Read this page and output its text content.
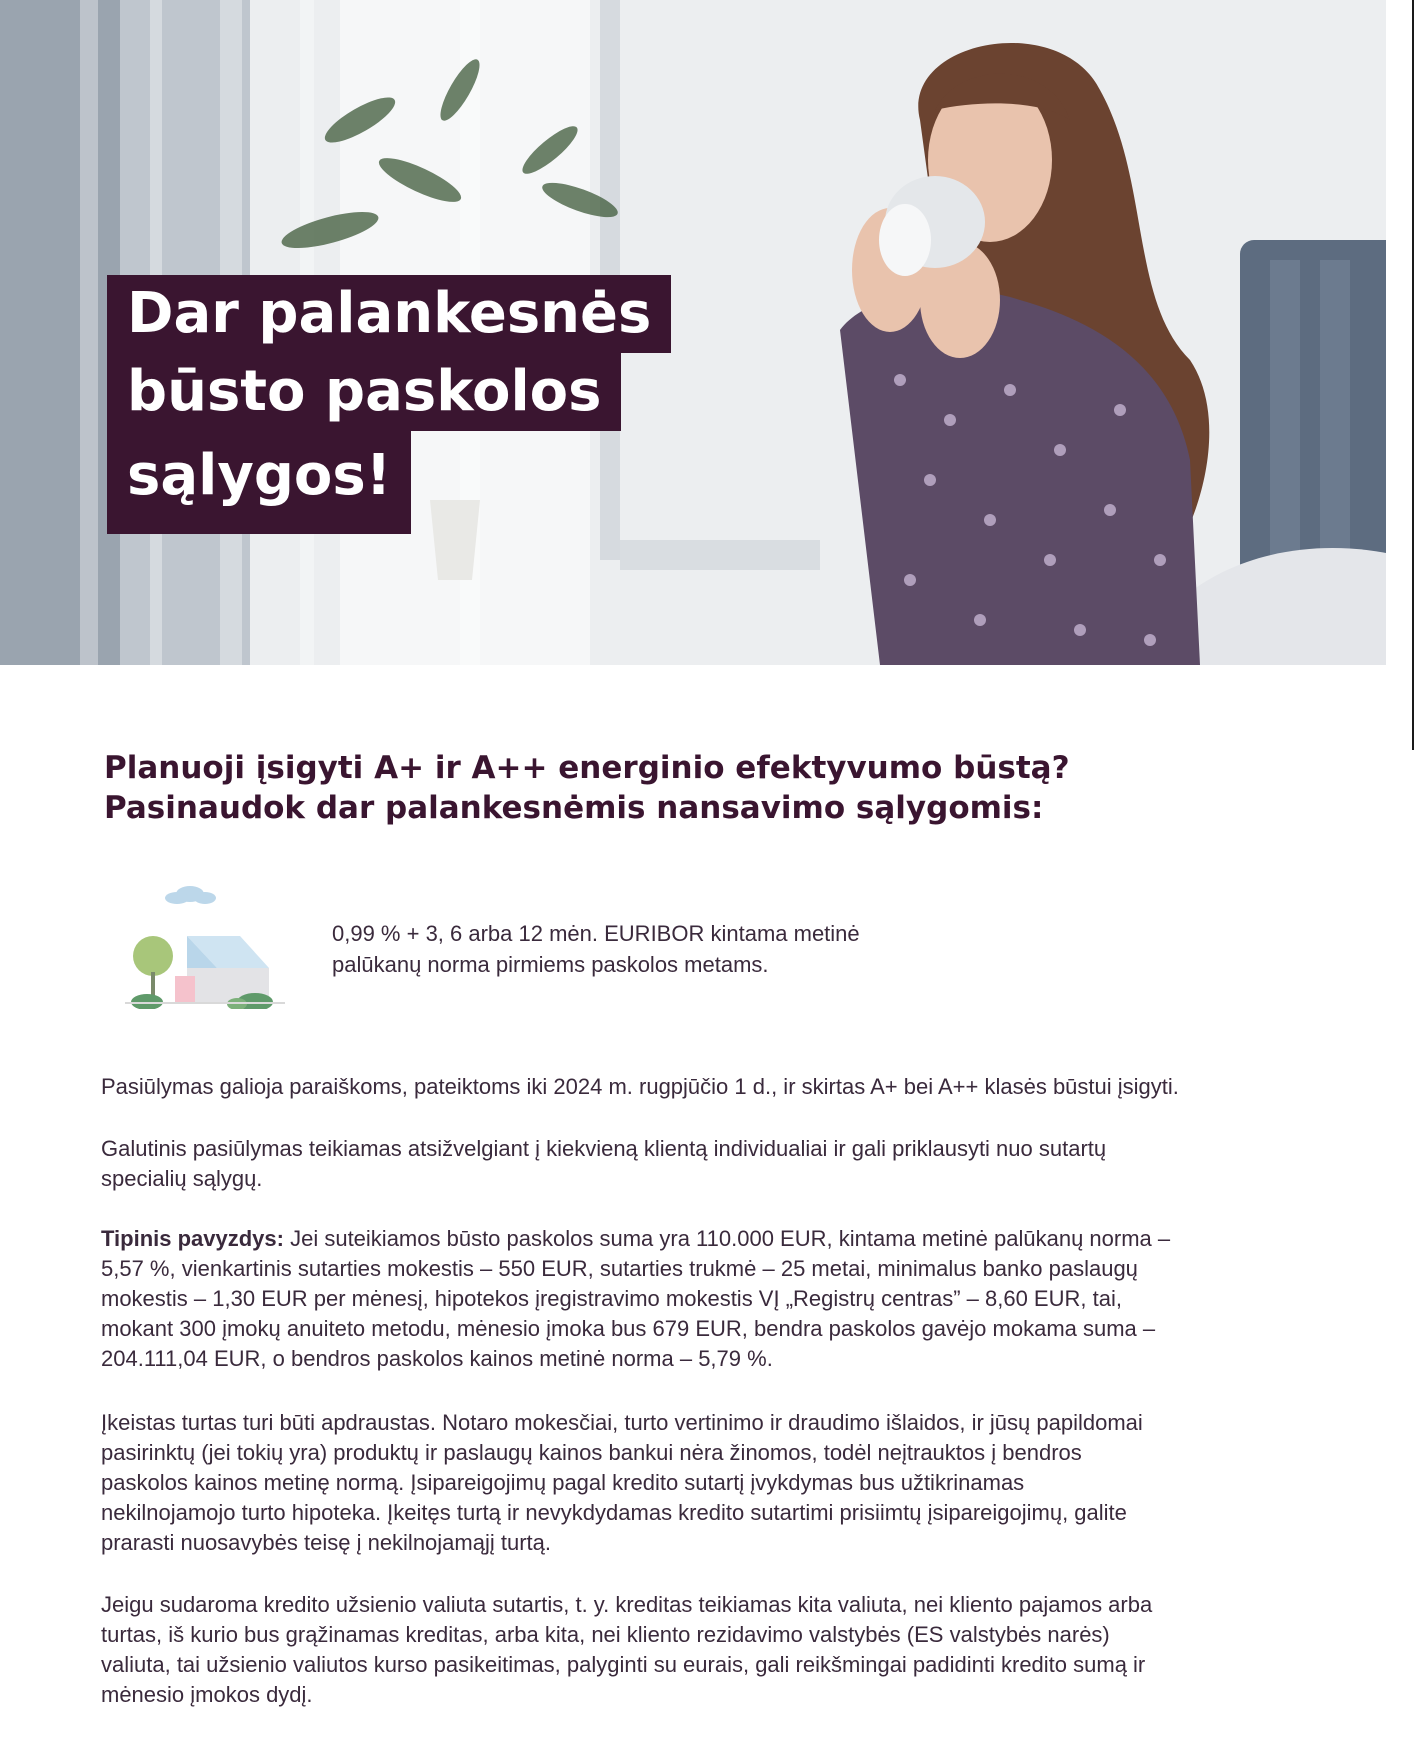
Dar palankesnės
būsto paskolos
sąlygos!
Planuoji įsigyti A+ ir A++ energinio efektyvumo būstą?
Pasinaudok dar palankesnėmis nansavimo sąlygomis:
0,99 % + 3, 6 arba 12 mėn. EURIBOR kintama metinė
palūkanų norma pirmiems paskolos metams.
Pasiūlymas galioja paraiškoms, pateiktoms iki 2024 m. rugpjūčio 1 d., ir skirtas A+ bei A++ klasės būstui įsigyti.
Galutinis pasiūlymas teikiamas atsižvelgiant į kiekvieną klientą individualiai ir gali priklausyti nuo sutartų
specialių sąlygų.
Tipinis pavyzdys: Jei suteikiamos būsto paskolos suma yra 110.000 EUR, kintama metinė palūkanų norma –
5,57 %, vienkartinis sutarties mokestis – 550 EUR, sutarties trukmė – 25 metai, minimalus banko paslaugų
mokestis – 1,30 EUR per mėnesį, hipotekos įregistravimo mokestis VĮ „Registrų centras” – 8,60 EUR, tai,
mokant 300 įmokų anuiteto metodu, mėnesio įmoka bus 679 EUR, bendra paskolos gavėjo mokama suma –
204.111,04 EUR, o bendros paskolos kainos metinė norma – 5,79 %.
Įkeistas turtas turi būti apdraustas. Notaro mokesčiai, turto vertinimo ir draudimo išlaidos, ir jūsų papildomai
pasirinktų (jei tokių yra) produktų ir paslaugų kainos bankui nėra žinomos, todėl neįtrauktos į bendros
paskolos kainos metinę normą. Įsipareigojimų pagal kredito sutartį įvykdymas bus užtikrinamas
nekilnojamojo turto hipoteka. Įkeitęs turtą ir nevykdydamas kredito sutartimi prisiimtų įsipareigojimų, galite
prarasti nuosavybės teisę į nekilnojamąjį turtą.
Jeigu sudaroma kredito užsienio valiuta sutartis, t. y. kreditas teikiamas kita valiuta, nei kliento pajamos arba
turtas, iš kurio bus grąžinamas kreditas, arba kita, nei kliento rezidavimo valstybės (ES valstybės narės)
valiuta, tai užsienio valiutos kurso pasikeitimas, palyginti su eurais, gali reikšmingai padidinti kredito sumą ir
mėnesio įmokos dydį.
